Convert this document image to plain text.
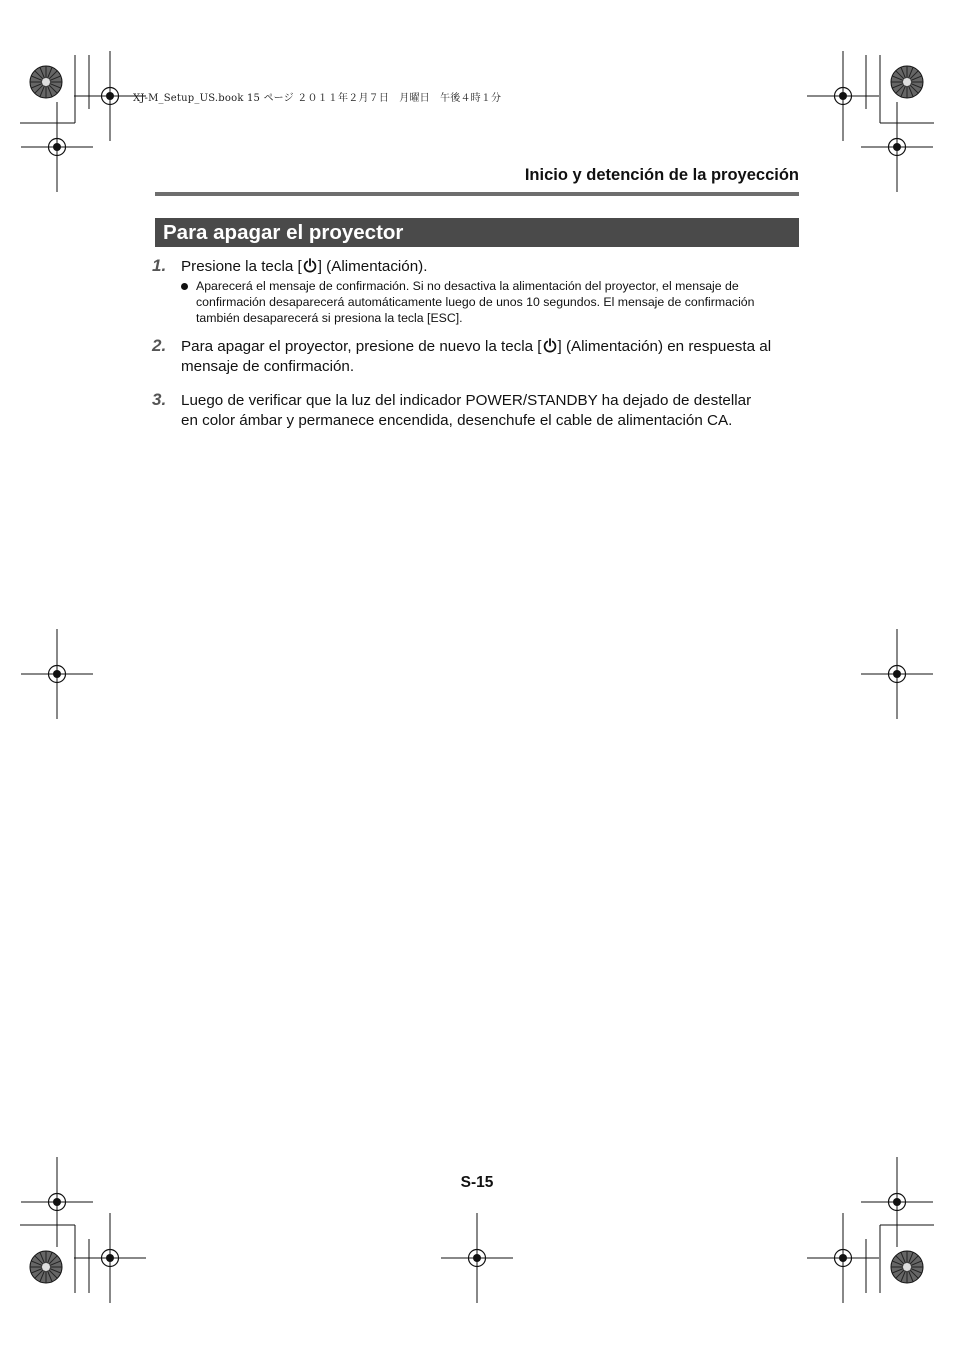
XJ-M_Setup_US.book 15 ページ ２０１１年２月７日　月曜日　午後４時１分
Inicio y detención de la proyección
Para apagar el proyector
1. Presione la tecla [ ] (Alimentación).
Aparecerá el mensaje de confirmación. Si no desactiva la alimentación del proyector, el mensaje de confirmación desaparecerá automáticamente luego de unos 10 segundos. El mensaje de confirmación también desaparecerá si presiona la tecla [ESC].
2. Para apagar el proyector, presione de nuevo la tecla [ ] (Alimentación) en respuesta al mensaje de confirmación.
3. Luego de verificar que la luz del indicador POWER/STANDBY ha dejado de destellar en color ámbar y permanece encendida, desenchufe el cable de alimentación CA.
S-15
